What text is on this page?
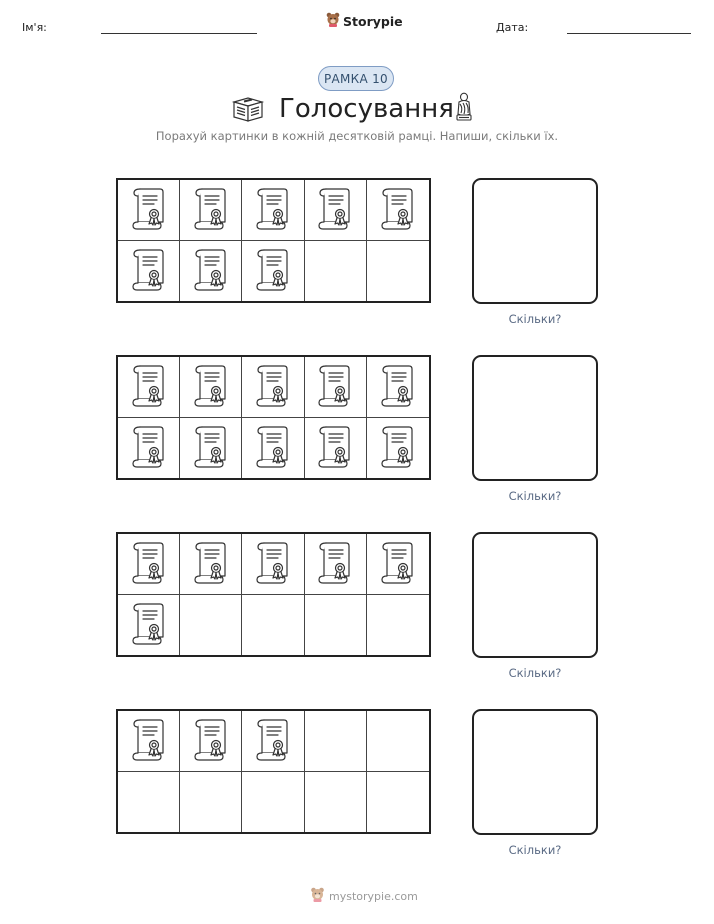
Ім'я:	Storypie	Дата:
РАМКА 10
Голосування
Порахуй картинки в кожній десятковій рамці. Напиши, скільки їх.
Скільки?
Скільки?
Скільки?
Скільки?
mystorypie.com
